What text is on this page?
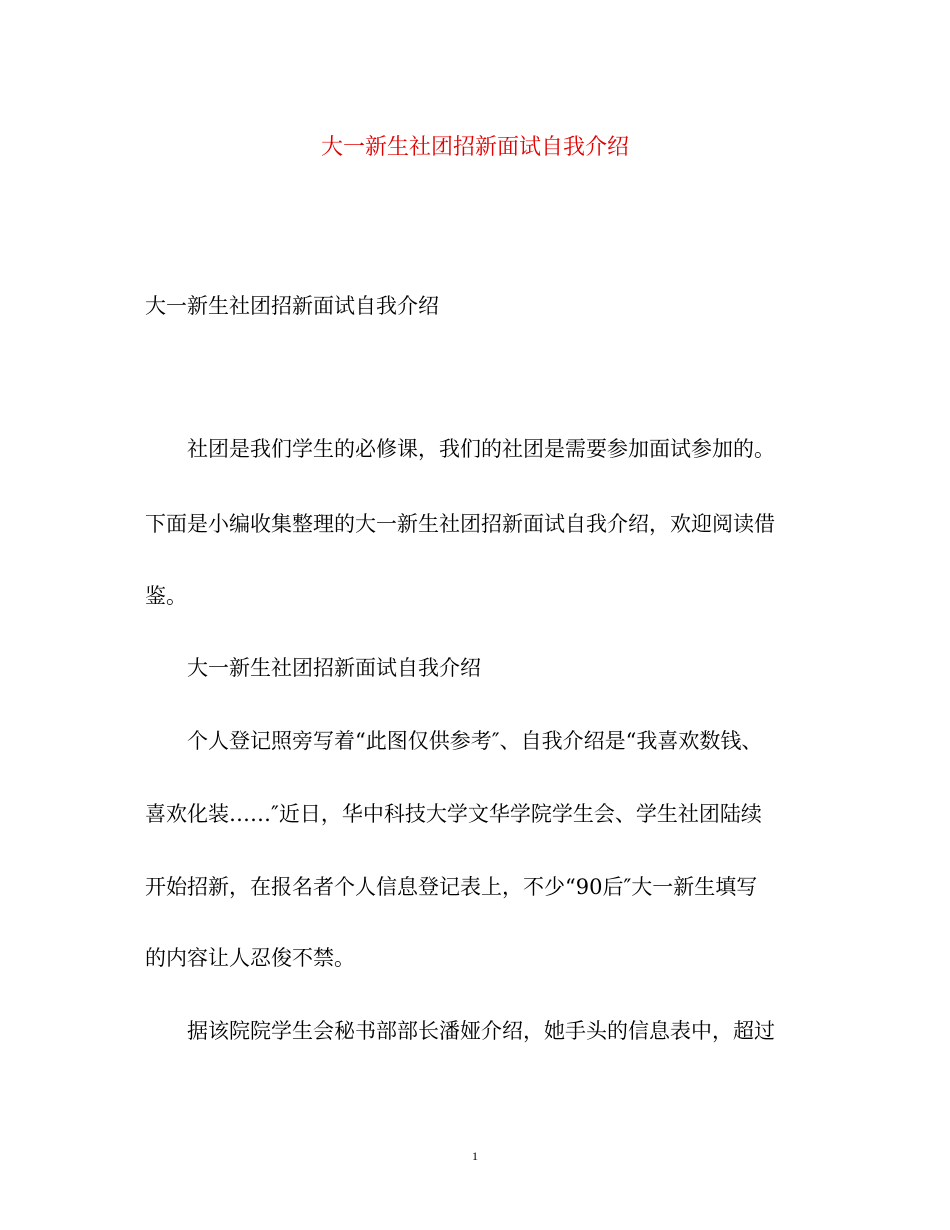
大一新生社团招新面试自我介绍

大一新生社团招新面试自我介绍

社团是我们学生的必修课，我们的社团是需要参加面试参加的。

下面是小编收集整理的大一新生社团招新面试自我介绍，欢迎阅读借

鉴。

大一新生社团招新面试自我介绍

个人登记照旁写着“此图仅供参考″、自我介绍是“我喜欢数钱、

喜欢化装……″近日，华中科技大学文华学院学生会、学生社团陆续

开始招新，在报名者个人信息登记表上，不少“90后″大一新生填写

的内容让人忍俊不禁。

据该院院学生会秘书部部长潘娅介绍，她手头的信息表中，超过

1
